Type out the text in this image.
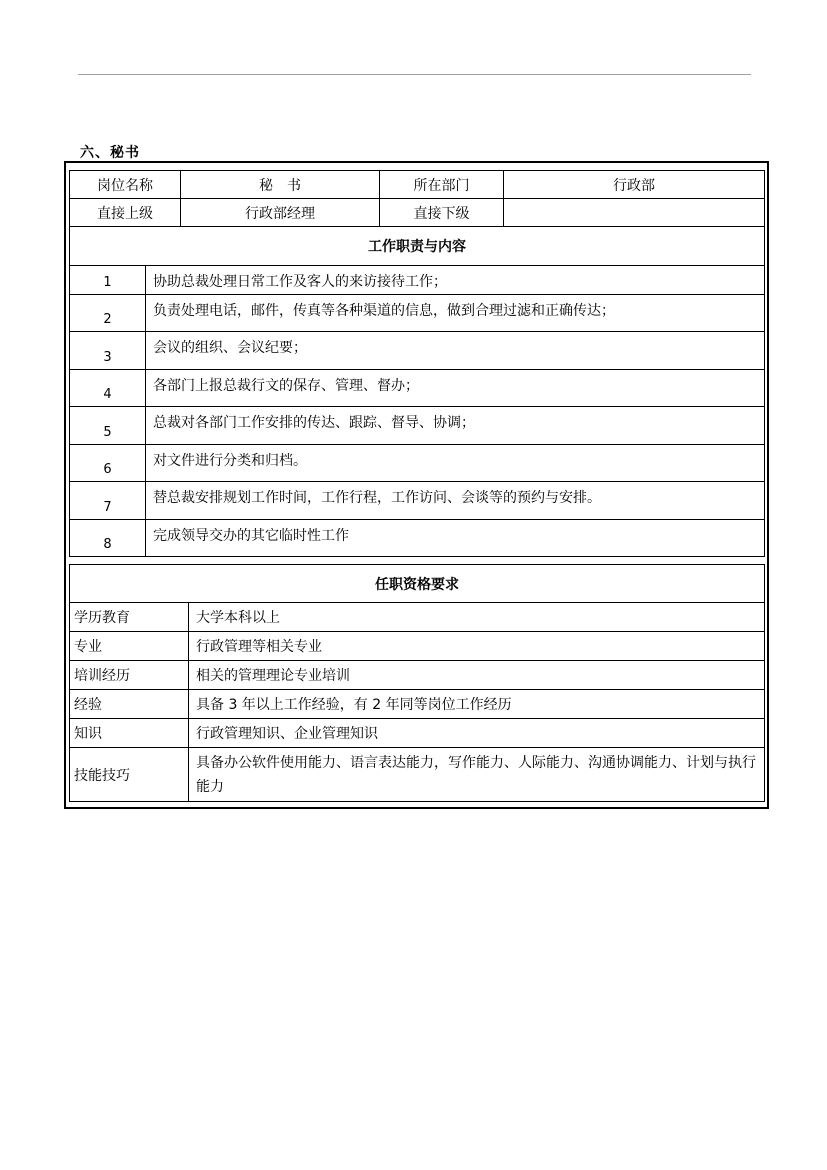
六、秘书
岗位名称		秘　书	所在部门	行政部
直接上级		行政部经理	直接下级	
工作职责与内容				
1	协助总裁处理日常工作及客人的来访接待工作；			
2	负责处理电话，邮件，传真等各种渠道的信息，做到合理过滤和正确传达；			
3	会议的组织、会议纪要；			
4	各部门上报总裁行文的保存、管理、督办；			
5	总裁对各部门工作安排的传达、跟踪、督导、协调；			
6	对文件进行分类和归档。			
7	替总裁安排规划工作时间，工作行程，工作访问、会谈等的预约与安排。			
8	完成领导交办的其它临时性工作			
任职资格要求	
学历教育	大学本科以上
专业	行政管理等相关专业
培训经历	相关的管理理论专业培训
经验	具备 3 年以上工作经验，有 2 年同等岗位工作经历
知识	行政管理知识、企业管理知识
技能技巧	具备办公软件使用能力、语言表达能力，写作能力、人际能力、沟通协调能力、计划与执行能力
